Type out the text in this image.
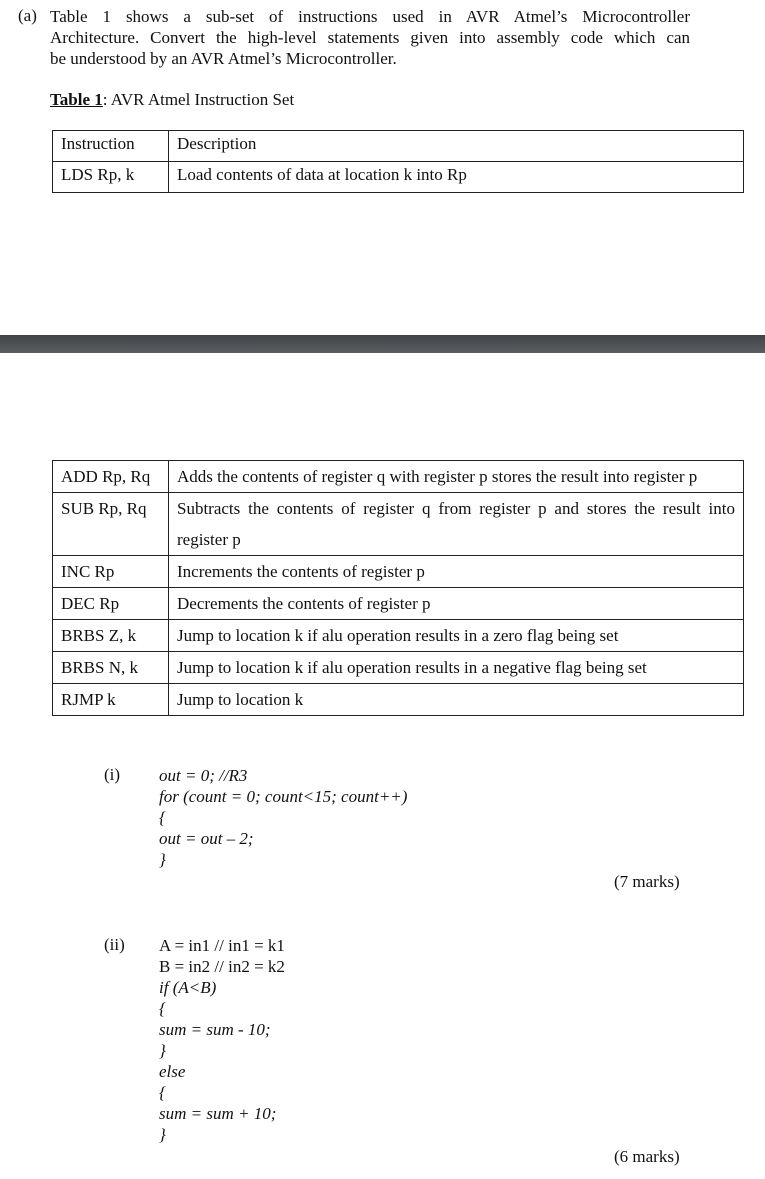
(a) Table 1 shows a sub-set of instructions used in AVR Atmel’s Microcontroller
Architecture. Convert the high-level statements given into assembly code which can
be understood by an AVR Atmel’s Microcontroller.
Table 1: AVR Atmel Instruction Set
Instruction	Description
LDS Rp, k	Load contents of data at location k into Rp
ADD Rp, Rq	Adds the contents of register q with register p stores the result into register p
SUB Rp, Rq	Subtracts the contents of register q from register p and stores the result into register p
INC Rp	Increments the contents of register p
DEC Rp	Decrements the contents of register p
BRBS Z, k	Jump to location k if alu operation results in a zero flag being set
BRBS N, k	Jump to location k if alu operation results in a negative flag being set
RJMP k	Jump to location k
(i) out = 0; //R3
for (count = 0; count<15; count++)
{
out = out – 2;
}
(7 marks)
(ii) A = in1 // in1 = k1
B = in2 // in2 = k2
if (A<B)
{
sum = sum - 10;
}
else
{
sum = sum + 10;
}
(6 marks)
